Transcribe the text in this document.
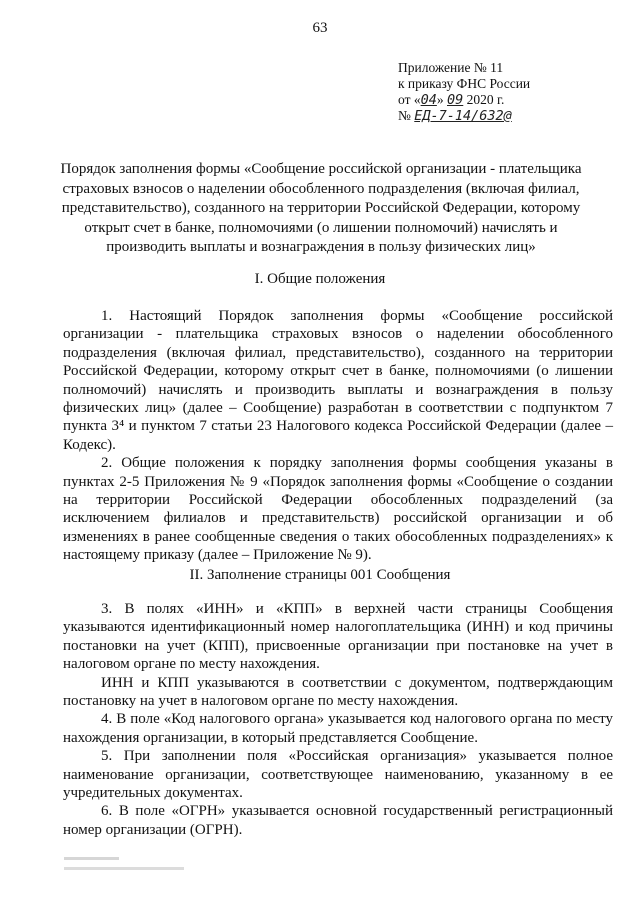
63
Приложение № 11
к приказу ФНС России
от «04» 09 2020 г.
№ ЕД-7-14/632@
Порядок заполнения формы «Сообщение российской организации - плательщика страховых взносов о наделении обособленного подразделения (включая филиал, представительство), созданного на территории Российской Федерации, которому открыт счет в банке, полномочиями (о лишении полномочий) начислять и производить выплаты и вознаграждения в пользу физических лиц»
I. Общие положения

1. Настоящий Порядок заполнения формы «Сообщение российской организации - плательщика страховых взносов о наделении обособленного подразделения (включая филиал, представительство), созданного на территории Российской Федерации, которому открыт счет в банке, полномочиями (о лишении полномочий) начислять и производить выплаты и вознаграждения в пользу физических лиц» (далее – Сообщение) разработан в соответствии с подпунктом 7 пункта 3⁴ и пунктом 7 статьи 23 Налогового кодекса Российской Федерации (далее – Кодекс).

2. Общие положения к порядку заполнения формы сообщения указаны в пунктах 2-5 Приложения № 9 «Порядок заполнения формы «Сообщение о создании на территории Российской Федерации обособленных подразделений (за исключением филиалов и представительств) российской организации и об изменениях в ранее сообщенные сведения о таких обособленных подразделениях» к настоящему приказу (далее – Приложение № 9).

II. Заполнение страницы 001 Сообщения

3. В полях «ИНН» и «КПП» в верхней части страницы Сообщения указываются идентификационный номер налогоплательщика (ИНН) и код причины постановки на учет (КПП), присвоенные организации при постановке на учет в налоговом органе по месту нахождения.

ИНН и КПП указываются в соответствии с документом, подтверждающим постановку на учет в налоговом органе по месту нахождения.

4. В поле «Код налогового органа» указывается код налогового органа по месту нахождения организации, в который представляется Сообщение.

5. При заполнении поля «Российская организация» указывается полное наименование организации, соответствующее наименованию, указанному в ее учредительных документах.

6. В поле «ОГРН» указывается основной государственный регистрационный номер организации (ОГРН).
